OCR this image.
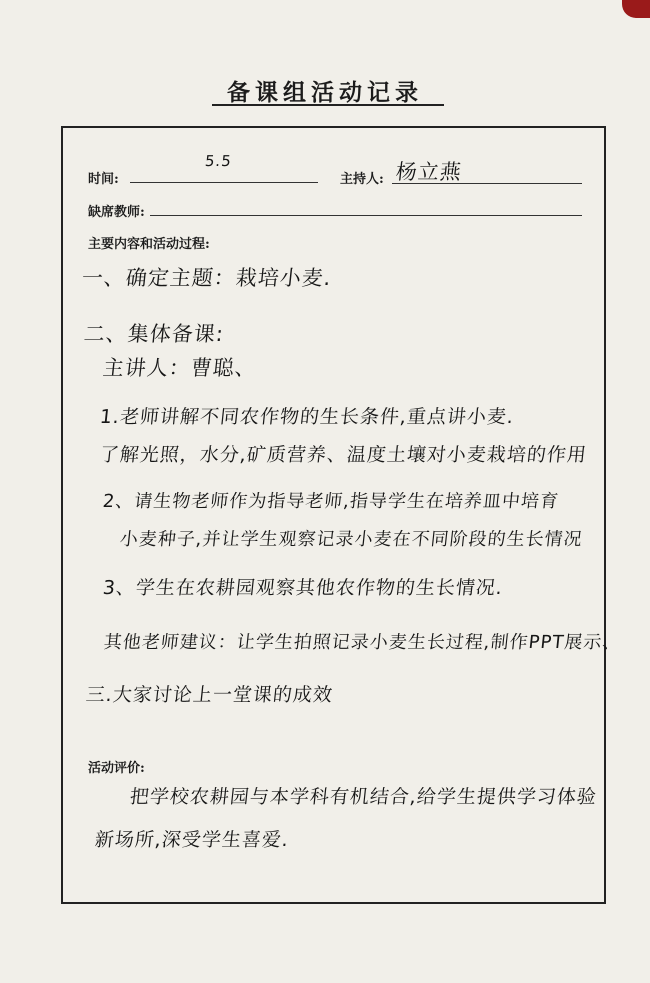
备课组活动记录
时间:
5.5
主持人: 杨立燕
缺席教师:
主要内容和活动过程:
一、确定主题：栽培小麦.
二、集体备课:
主讲人：曹聪、
1.老师讲解不同农作物的生长条件,重点讲小麦.
了解光照，水分,矿质营养、温度土壤对小麦栽培的作用
2、请生物老师作为指导老师,指导学生在培养皿中培育
小麦种子,并让学生观察记录小麦在不同阶段的生长情况
3、学生在农耕园观察其他农作物的生长情况.
其他老师建议：让学生拍照记录小麦生长过程,制作PPT展示、
三.大家讨论上一堂课的成效
活动评价:
把学校农耕园与本学科有机结合,给学生提供学习体验
新场所,深受学生喜爱.
